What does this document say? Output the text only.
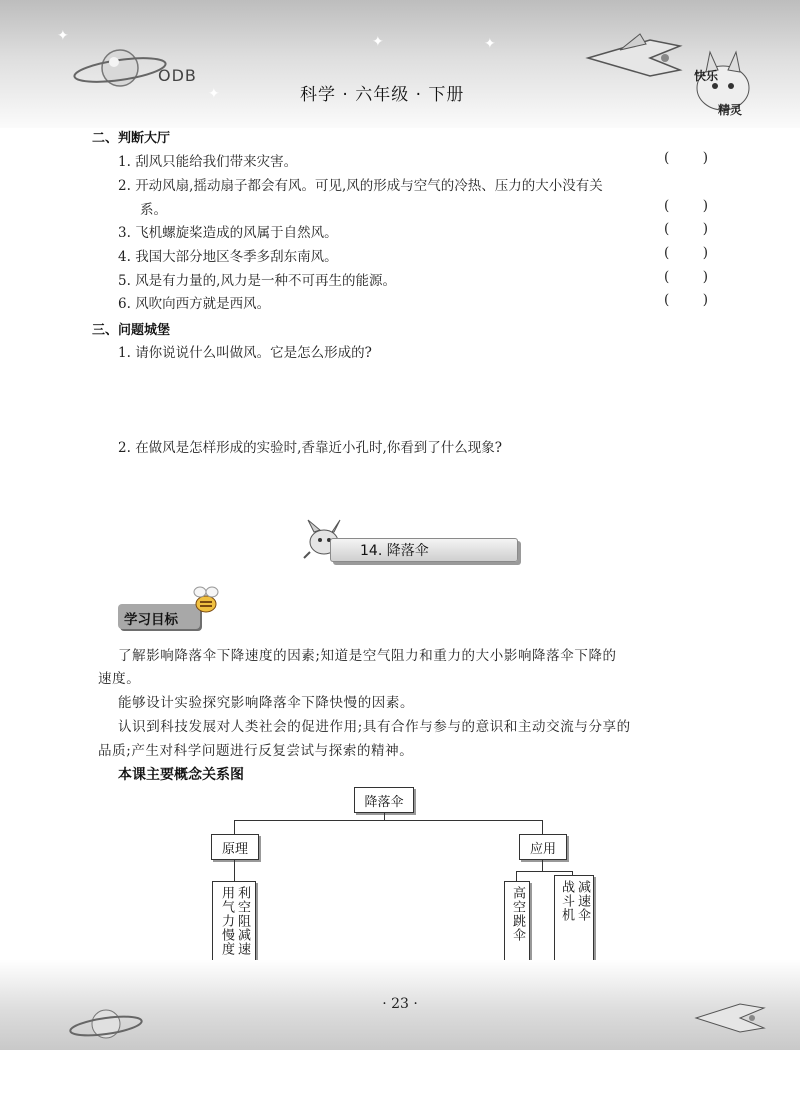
ODB
科学 · 六年级 · 下册
✦	✦	✦
✦
快乐
精灵
二、判断大厅
1. 刮风只能给我们带来灾害。	( )
2. 开动风扇,摇动扇子都会有风。可见,风的形成与空气的冷热、压力的大小没有关
系。	( )
3. 飞机螺旋桨造成的风属于自然风。	( )
4. 我国大部分地区冬季多刮东南风。	( )
5. 风是有力量的,风力是一种不可再生的能源。	( )
6. 风吹向西方就是西风。	( )
三、问题城堡
1. 请你说说什么叫做风。它是怎么形成的?
2. 在做风是怎样形成的实验时,香靠近小孔时,你看到了什么现象?
14. 降落伞
学习目标
了解影响降落伞下降速度的因素;知道是空气阻力和重力的大小影响降落伞下降的
速度。
能够设计实验探究影响降落伞下降快慢的因素。
认识到科技发展对人类社会的促进作用;具有合作与参与的意识和主动交流与分享的
品质;产生对科学问题进行反复尝试与探索的精神。
本课主要概念关系图
降落伞
原理	应用
利空阻减速
用气力慢度	高空跳伞	减速伞
战斗机
· 23 ·
